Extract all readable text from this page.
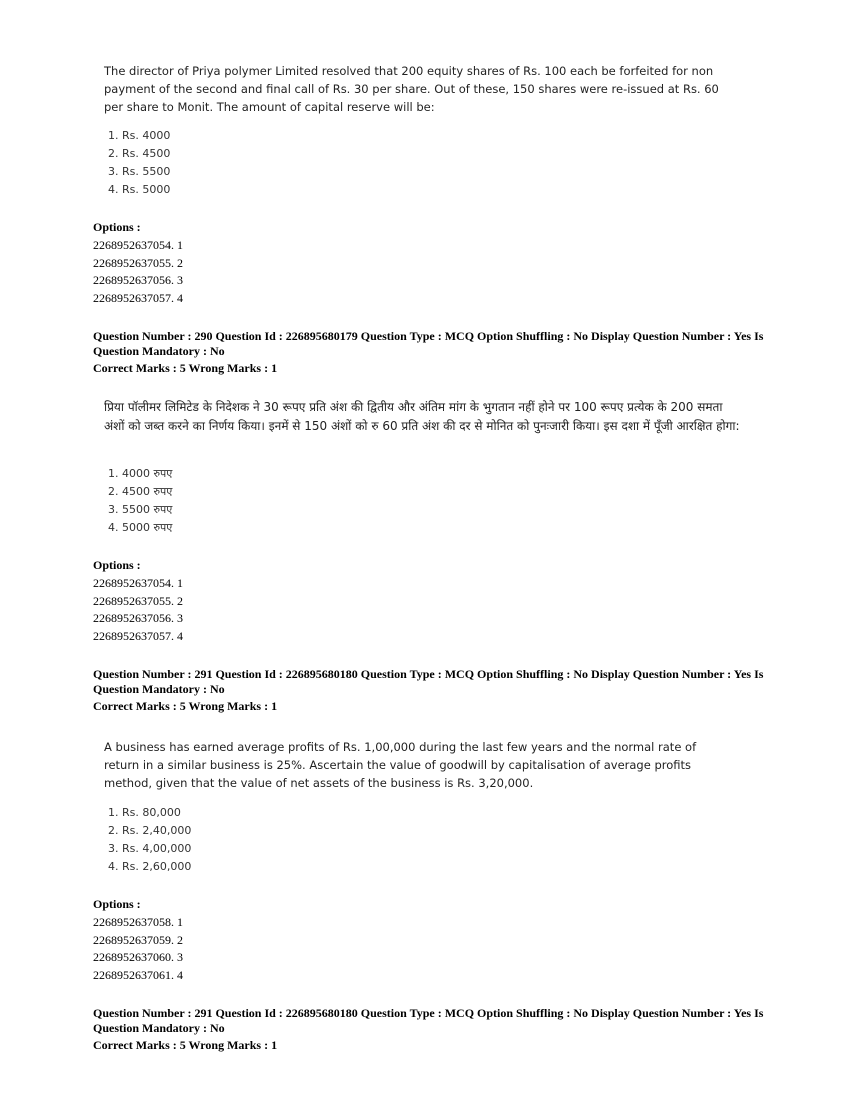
The director of Priya polymer Limited resolved that 200 equity shares of Rs. 100 each be forfeited for non payment of the second and final call of Rs. 30 per share. Out of these, 150 shares were re-issued at Rs. 60 per share to Monit. The amount of capital reserve will be:
1. Rs. 4000
2. Rs. 4500
3. Rs. 5500
4. Rs. 5000
Options :
2268952637054. 1
2268952637055. 2
2268952637056. 3
2268952637057. 4
Question Number : 290 Question Id : 226895680179 Question Type : MCQ Option Shuffling : No Display Question Number : Yes Is Question Mandatory : No
Correct Marks : 5 Wrong Marks : 1
प्रिया पॉलीमर लिमिटेड के निदेशक ने 30 रूपए प्रति अंश की द्वितीय और अंतिम मांग के भुगतान नहीं होने पर 100 रूपए प्रत्येक के 200 समता अंशों को जब्त करने का निर्णय किया। इनमें से 150 अंशों को रु 60 प्रति अंश की दर से मोनित को पुनःजारी किया। इस दशा में पूँजी आरक्षित होगा:
1. 4000 रुपए
2. 4500 रुपए
3. 5500 रुपए
4. 5000 रुपए
Options :
2268952637054. 1
2268952637055. 2
2268952637056. 3
2268952637057. 4
Question Number : 291 Question Id : 226895680180 Question Type : MCQ Option Shuffling : No Display Question Number : Yes Is Question Mandatory : No
Correct Marks : 5 Wrong Marks : 1
A business has earned average profits of Rs. 1,00,000 during the last few years and the normal rate of return in a similar business is 25%. Ascertain the value of goodwill by capitalisation of average profits method, given that the value of net assets of the business is Rs. 3,20,000.
1. Rs. 80,000
2. Rs. 2,40,000
3. Rs. 4,00,000
4. Rs. 2,60,000
Options :
2268952637058. 1
2268952637059. 2
2268952637060. 3
2268952637061. 4
Question Number : 291 Question Id : 226895680180 Question Type : MCQ Option Shuffling : No Display Question Number : Yes Is Question Mandatory : No
Correct Marks : 5 Wrong Marks : 1
